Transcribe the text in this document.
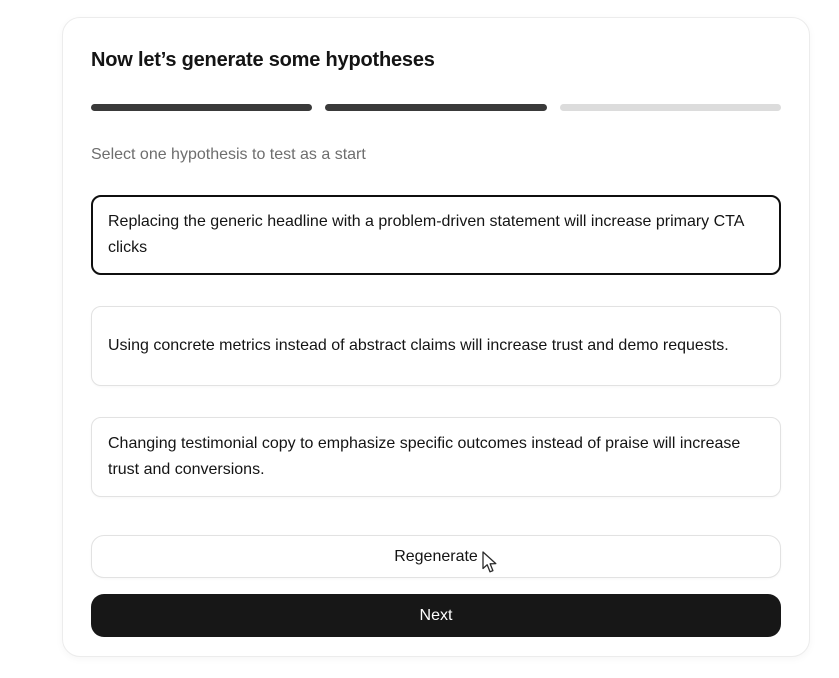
Now let’s generate some hypotheses
Select one hypothesis to test as a start
Replacing the generic headline with a problem-driven statement will increase primary CTA clicks
Using concrete metrics instead of abstract claims will increase trust and demo requests.
Changing testimonial copy to emphasize specific outcomes instead of praise will increase trust and conversions.
Regenerate
Next
